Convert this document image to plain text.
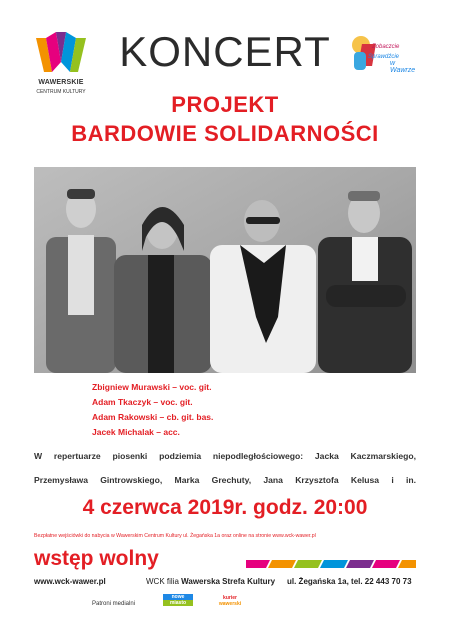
WAWERSKIE
CENTRUM KULTURY
KONCERT	Zobaczcie
Sprawdźcie
w Wawrze
PROJEKT
BARDOWIE SOLIDARNOŚCI

Zbigniew Murawski – voc. git.

Adam Tkaczyk – voc. git.

Adam Rakowski – cb. git. bas.

Jacek Michalak – acc.

W repertuarze piosenki podziemia niepodległościowego: Jacka Kaczmarskiego,
Przemysława Gintrowskiego, Marka Grechuty, Jana Krzysztofa Kelusa i in.
4 czerwca 2019r. godz. 20:00
Bezpłatne wejściówki do nabycia w Wawerskim Centrum Kultury ul. Żegańska 1a oraz online na stronie www.wck-wawer.pl
wstęp wolny
www.wck-wawer.pl	WCK filia Wawerska Strefa Kultury ul. Żegańska 1a, tel. 22 443 70 73
Patroni medialni
nowe
miasto
kurier
wawerski
